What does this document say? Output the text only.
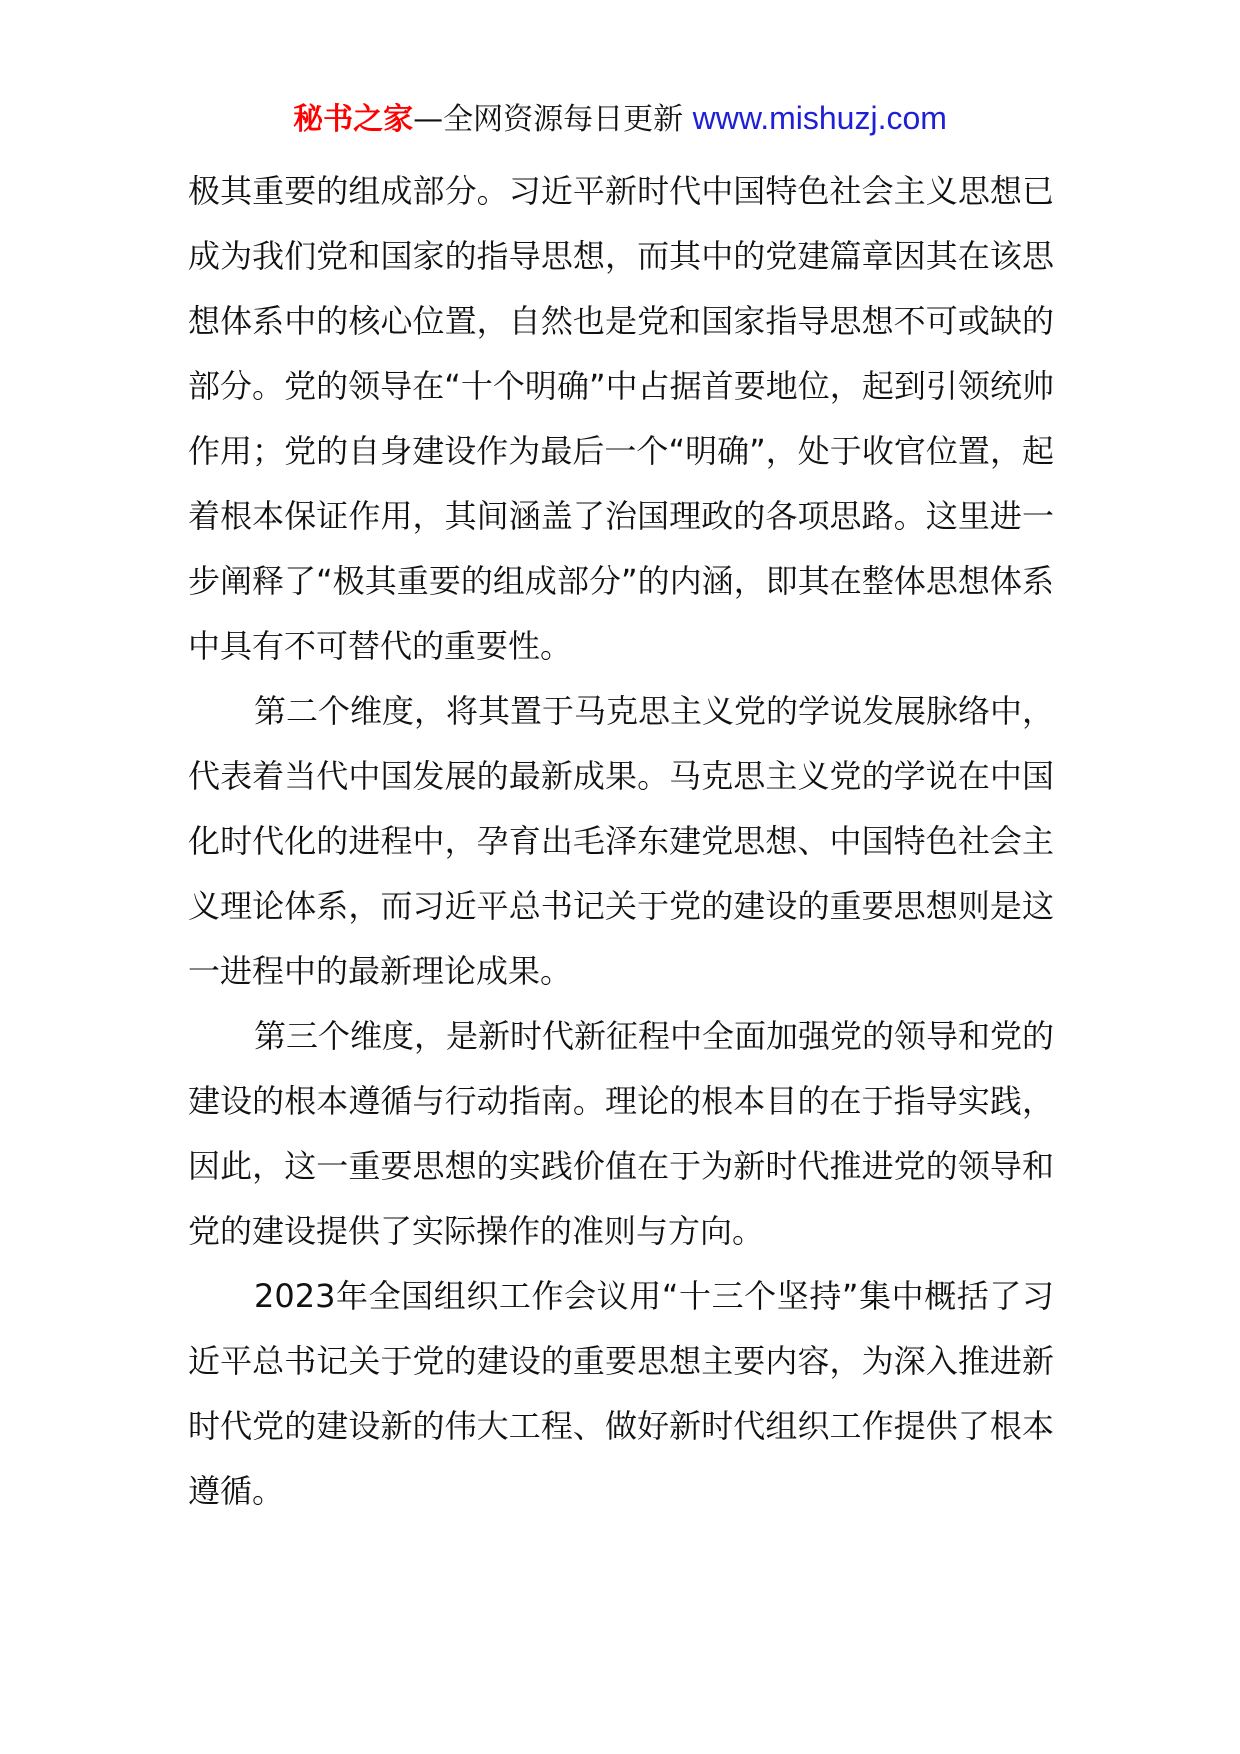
秘书之家—全网资源每日更新 www.mishuzj.com

极其重要的组成部分。习近平新时代中国特色社会主义思想已成为我们党和国家的指导思想，而其中的党建篇章因其在该思想体系中的核心位置，自然也是党和国家指导思想不可或缺的部分。党的领导在“十个明确”中占据首要地位，起到引领统帅作用；党的自身建设作为最后一个“明确”，处于收官位置，起着根本保证作用，其间涵盖了治国理政的各项思路。这里进一步阐释了“极其重要的组成部分”的内涵，即其在整体思想体系中具有不可替代的重要性。

第二个维度，将其置于马克思主义党的学说发展脉络中，代表着当代中国发展的最新成果。马克思主义党的学说在中国化时代化的进程中，孕育出毛泽东建党思想、中国特色社会主义理论体系，而习近平总书记关于党的建设的重要思想则是这一进程中的最新理论成果。

第三个维度，是新时代新征程中全面加强党的领导和党的建设的根本遵循与行动指南。理论的根本目的在于指导实践，因此，这一重要思想的实践价值在于为新时代推进党的领导和党的建设提供了实际操作的准则与方向。

2023年全国组织工作会议用“十三个坚持”集中概括了习近平总书记关于党的建设的重要思想主要内容，为深入推进新时代党的建设新的伟大工程、做好新时代组织工作提供了根本遵循。
